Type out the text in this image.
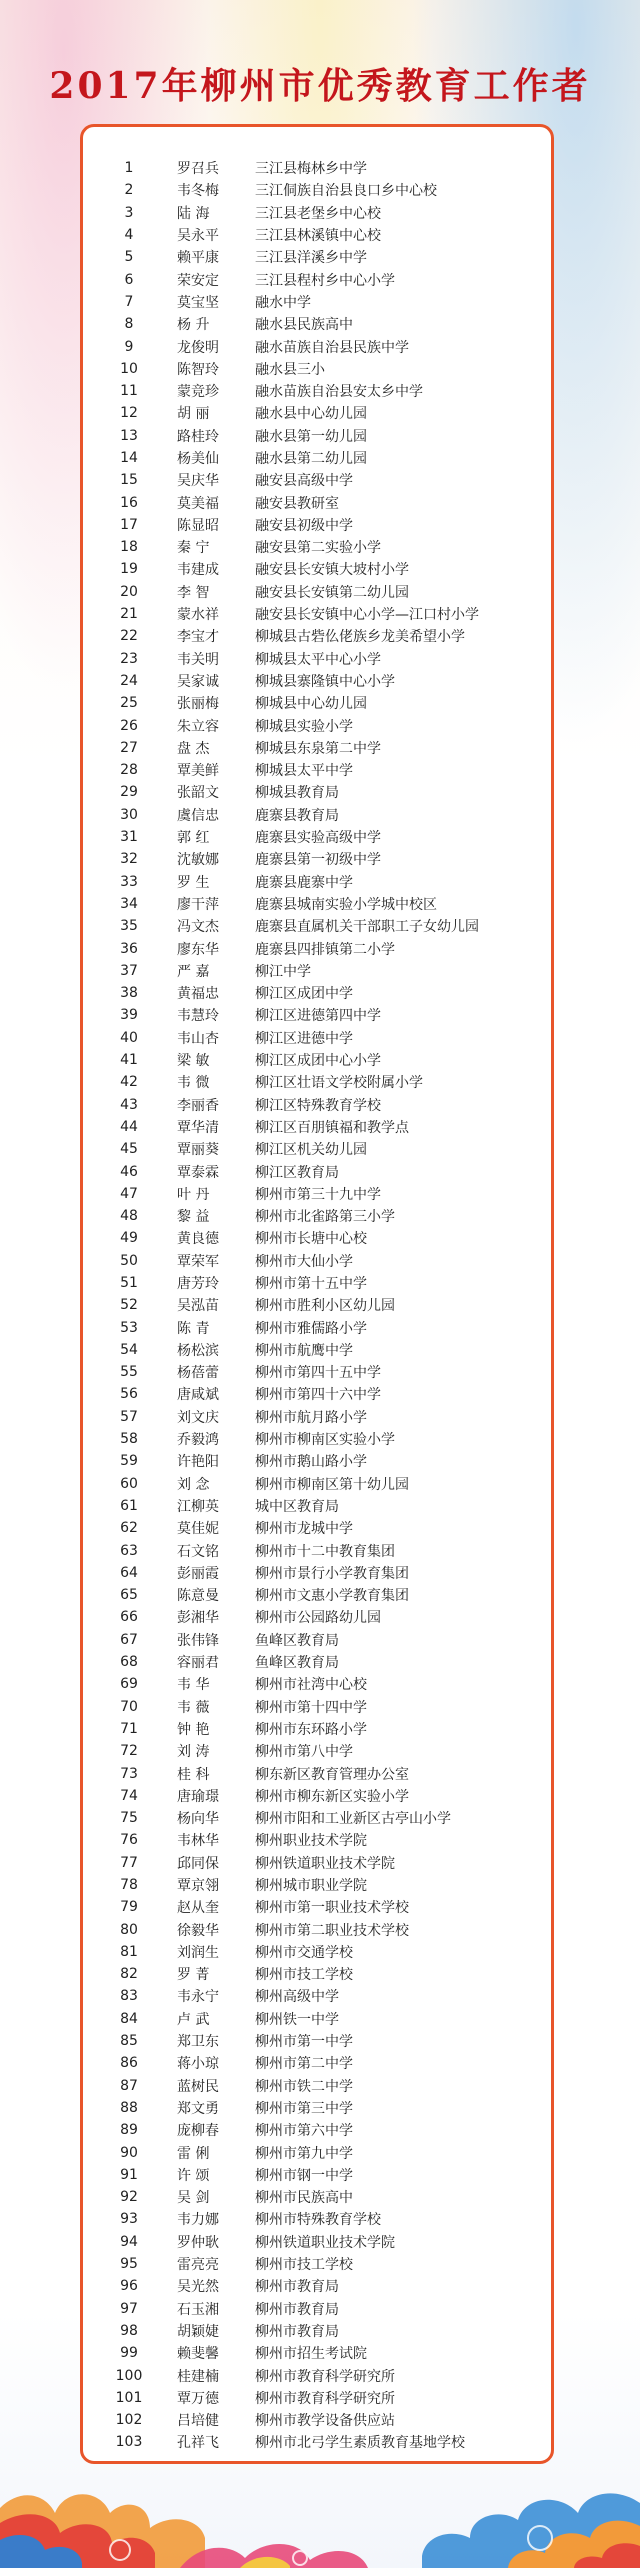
2017年柳州市优秀教育工作者
1	罗召兵	三江县梅林乡中学
2	韦冬梅	三江侗族自治县良口乡中心校
3	陆 海	三江县老堡乡中心校
4	吴永平	三江县林溪镇中心校
5	赖平康	三江县洋溪乡中学
6	荣安定	三江县程村乡中心小学
7	莫宝坚	融水中学
8	杨 升	融水县民族高中
9	龙俊明	融水苗族自治县民族中学
10	陈智玲	融水县三小
11	蒙竞珍	融水苗族自治县安太乡中学
12	胡 丽	融水县中心幼儿园
13	路桂玲	融水县第一幼儿园
14	杨美仙	融水县第二幼儿园
15	吴庆华	融安县高级中学
16	莫美福	融安县教研室
17	陈显昭	融安县初级中学
18	秦 宁	融安县第二实验小学
19	韦建成	融安县长安镇大坡村小学
20	李 智	融安县长安镇第二幼儿园
21	蒙水祥	融安县长安镇中心小学—江口村小学
22	李宝才	柳城县古砦仫佬族乡龙美希望小学
23	韦关明	柳城县太平中心小学
24	吴家诚	柳城县寨隆镇中心小学
25	张丽梅	柳城县中心幼儿园
26	朱立容	柳城县实验小学
27	盘 杰	柳城县东泉第二中学
28	覃美鲜	柳城县太平中学
29	张韶文	柳城县教育局
30	虞信忠	鹿寨县教育局
31	郭 红	鹿寨县实验高级中学
32	沈敏娜	鹿寨县第一初级中学
33	罗 生	鹿寨县鹿寨中学
34	廖干萍	鹿寨县城南实验小学城中校区
35	冯文杰	鹿寨县直属机关干部职工子女幼儿园
36	廖东华	鹿寨县四排镇第二小学
37	严 嘉	柳江中学
38	黄福忠	柳江区成团中学
39	韦慧玲	柳江区进德第四中学
40	韦山杏	柳江区进德中学
41	梁 敏	柳江区成团中心小学
42	韦 微	柳江区壮语文学校附属小学
43	李丽香	柳江区特殊教育学校
44	覃华清	柳江区百朋镇福和教学点
45	覃丽葵	柳江区机关幼儿园
46	覃泰霖	柳江区教育局
47	叶 丹	柳州市第三十九中学
48	黎 益	柳州市北雀路第三小学
49	黄良德	柳州市长塘中心校
50	覃荣军	柳州市大仙小学
51	唐芳玲	柳州市第十五中学
52	吴泓苗	柳州市胜利小区幼儿园
53	陈 青	柳州市雅儒路小学
54	杨松滨	柳州市航鹰中学
55	杨蓓蕾	柳州市第四十五中学
56	唐咸斌	柳州市第四十六中学
57	刘文庆	柳州市航月路小学
58	乔毅鸿	柳州市柳南区实验小学
59	许艳阳	柳州市鹅山路小学
60	刘 念	柳州市柳南区第十幼儿园
61	江柳英	城中区教育局
62	莫佳妮	柳州市龙城中学
63	石文铭	柳州市十二中教育集团
64	彭丽霞	柳州市景行小学教育集团
65	陈意曼	柳州市文惠小学教育集团
66	彭湘华	柳州市公园路幼儿园
67	张伟锋	鱼峰区教育局
68	容丽君	鱼峰区教育局
69	韦 华	柳州市社湾中心校
70	韦 薇	柳州市第十四中学
71	钟 艳	柳州市东环路小学
72	刘 涛	柳州市第八中学
73	桂 科	柳东新区教育管理办公室
74	唐瑜璟	柳州市柳东新区实验小学
75	杨向华	柳州市阳和工业新区古亭山小学
76	韦林华	柳州职业技术学院
77	邱同保	柳州铁道职业技术学院
78	覃京翎	柳州城市职业学院
79	赵从奎	柳州市第一职业技术学校
80	徐毅华	柳州市第二职业技术学校
81	刘润生	柳州市交通学校
82	罗 菁	柳州市技工学校
83	韦永宁	柳州高级中学
84	卢 武	柳州铁一中学
85	郑卫东	柳州市第一中学
86	蒋小琼	柳州市第二中学
87	蓝树民	柳州市铁二中学
88	郑文勇	柳州市第三中学
89	庞柳春	柳州市第六中学
90	雷 俐	柳州市第九中学
91	许 颂	柳州市钢一中学
92	吴 剑	柳州市民族高中
93	韦力娜	柳州市特殊教育学校
94	罗仲耿	柳州铁道职业技术学院
95	雷亮亮	柳州市技工学校
96	吴光然	柳州市教育局
97	石玉湘	柳州市教育局
98	胡颖婕	柳州市教育局
99	赖斐馨	柳州市招生考试院
100	桂建楠	柳州市教育科学研究所
101	覃万德	柳州市教育科学研究所
102	吕培健	柳州市教学设备供应站
103	孔祥飞	柳州市北弓学生素质教育基地学校
